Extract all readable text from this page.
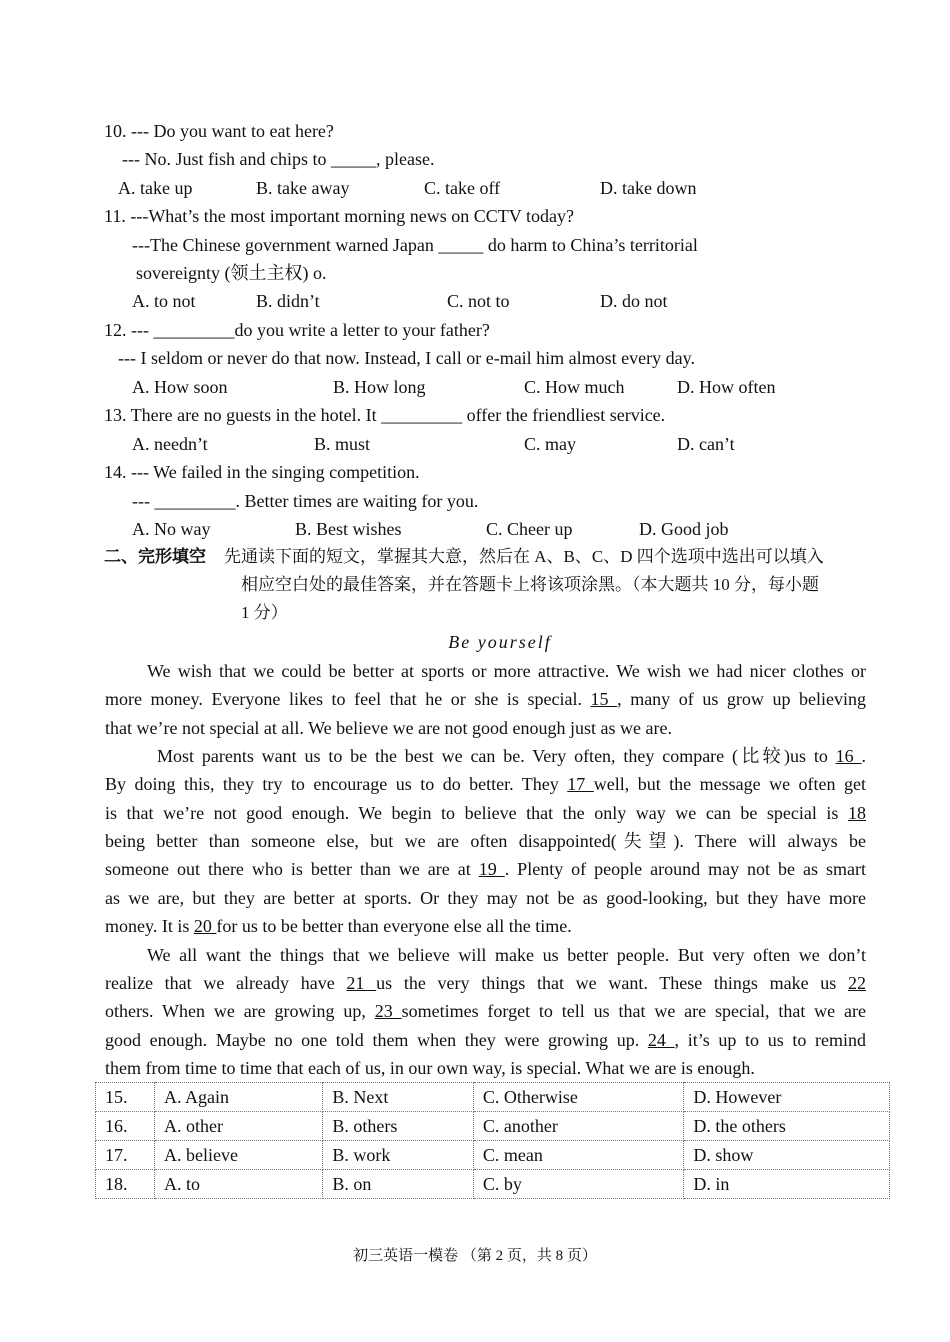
10. --- Do you want to eat here?
--- No. Just fish and chips to _____, please.
A. take up	B. take away	C. take off	D. take down
11. ---What’s the most important morning news on CCTV today?
---The Chinese government warned Japan _____ do harm to China’s territorial
sovereignty (领土主权) o.
A. to not	B. didn’t	C. not to	D. do not
12. --- _________do you write a letter to your father?
--- I seldom or never do that now. Instead, I call or e-mail him almost every day.
A. How soon	B. How long	C. How much	D. How often
13. There are no guests in the hotel. It _________ offer the friendliest service.
A. needn’t	B. must	C. may	D. can’t
14. --- We failed in the singing competition.
--- _________. Better times are waiting for you.
A. No way	B. Best wishes	C. Cheer up	D. Good job
二、完形填空 先通读下面的短文，掌握其大意，然后在 A、B、C、D 四个选项中选出可以填入
相应空白处的最佳答案，并在答题卡上将该项涂黑。（本大题共 10 分，每小题
1 分）
Be yourself
We wish that we could be better at sports or more attractive. We wish we had nicer clothes or
more money. Everyone likes to feel that he or she is special. 15 , many of us grow up believing
that we’re not special at all. We believe we are not good enough just as we are.
Most parents want us to be the best we can be. Very often, they compare (比较)us to 16 .
By doing this, they try to encourage us to do better. They 17 well, but the message we often get
is that we’re not good enough. We begin to believe that the only way we can be special is 18
being better than someone else, but we are often disappointed(失望). There will always be
someone out there who is better than we are at 19 . Plenty of people around may not be as smart
as we are, but they are better at sports. Or they may not be as good-looking, but they have more
money. It is 20 for us to be better than everyone else all the time.
We all want the things that we believe will make us better people. But very often we don’t
realize that we already have 21 us the very things that we want. These things make us 22
others. When we are growing up, 23 sometimes forget to tell us that we are special, that we are
good enough. Maybe no one told them when they were growing up. 24 , it’s up to us to remind
them from time to time that each of us, in our own way, is special. What we are is enough.
15.	A. Again	B. Next	C. Otherwise	D. However
16.	A. other	B. others	C. another	D. the others
17.	A. believe	B. work	C. mean	D. show
18.	A. to	B. on	C. by	D. in
初三英语一模卷 （第 2 页，共 8 页）
